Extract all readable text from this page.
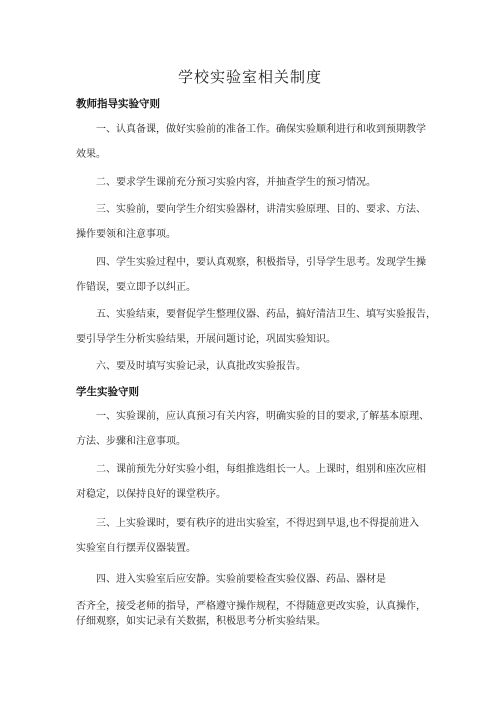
学校实验室相关制度
教师指导实验守则
一、认真备课，做好实验前的准备工作。确保实验顺利进行和收到预期教学
效果。
二、要求学生课前充分预习实验内容，并抽查学生的预习情况。
三、实验前，要向学生介绍实验器材，讲清实验原理、目的、要求、方法、
操作要领和注意事项。
四、学生实验过程中，要认真观察，积极指导，引导学生思考。发现学生操
作错误，要立即予以纠正。
五、实验结束，要督促学生整理仪器、药品，搞好清洁卫生、填写实验报告，
要引导学生分析实验结果，开展问题讨论，巩固实验知识。
六、要及时填写实验记录，认真批改实验报告。
学生实验守则
一、实验课前，应认真预习有关内容，明确实验的目的要求,了解基本原理、
方法、步骤和注意事项。
二、课前预先分好实验小组，每组推选组长一人。上课时，组别和座次应相
对稳定，以保持良好的课堂秩序。
三、上实验课时，要有秩序的进出实验室，不得迟到早退,也不得提前进入
实验室自行摆弄仪器装置。
四、进入实验室后应安静。实验前要检查实验仪器、药品、器材是
否齐全，接受老师的指导，严格遵守操作规程，不得随意更改实验，认真操作，
仔细观察，如实记录有关数据，积极思考分析实验结果。
